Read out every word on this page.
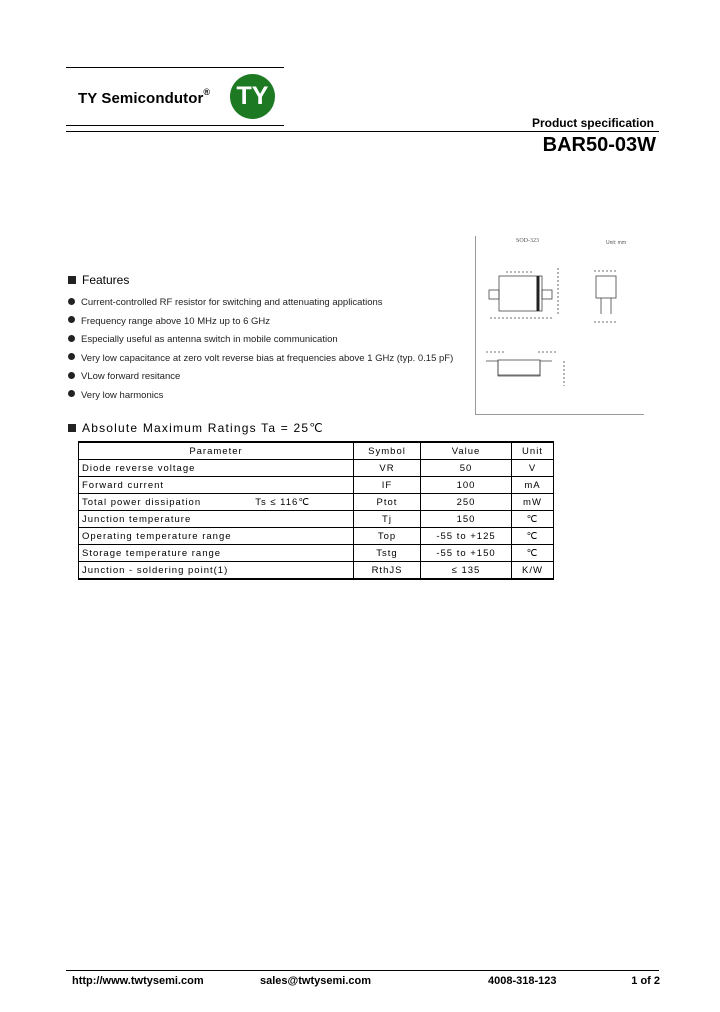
TY Semicondutor® TY
Product specification
BAR50-03W
SOD-323	Unit: mm
Features
Current-controlled RF resistor for switching and attenuating applications
Frequency range above 10 MHz up to 6 GHz
Especially useful as antenna switch in mobile communication
Very low capacitance at zero volt reverse bias at frequencies above 1 GHz (typ. 0.15 pF)
VLow forward resitance
Very low harmonics
Absolute Maximum Ratings Ta = 25℃
Parameter	Symbol	Value	Unit
Diode reverse voltage	VR	50	V
Forward current	IF	100	mA
Total power dissipation Ts ≤ 116℃	Ptot	250	mW
Junction temperature	Tj	150	℃
Operating temperature range	Top	-55 to +125	℃
Storage temperature range	Tstg	-55 to +150	℃
Junction - soldering point(1)	RthJS	≤ 135	K/W
http://www.twtysemi.com	sales@twtysemi.com	4008-318-123	1 of 2
